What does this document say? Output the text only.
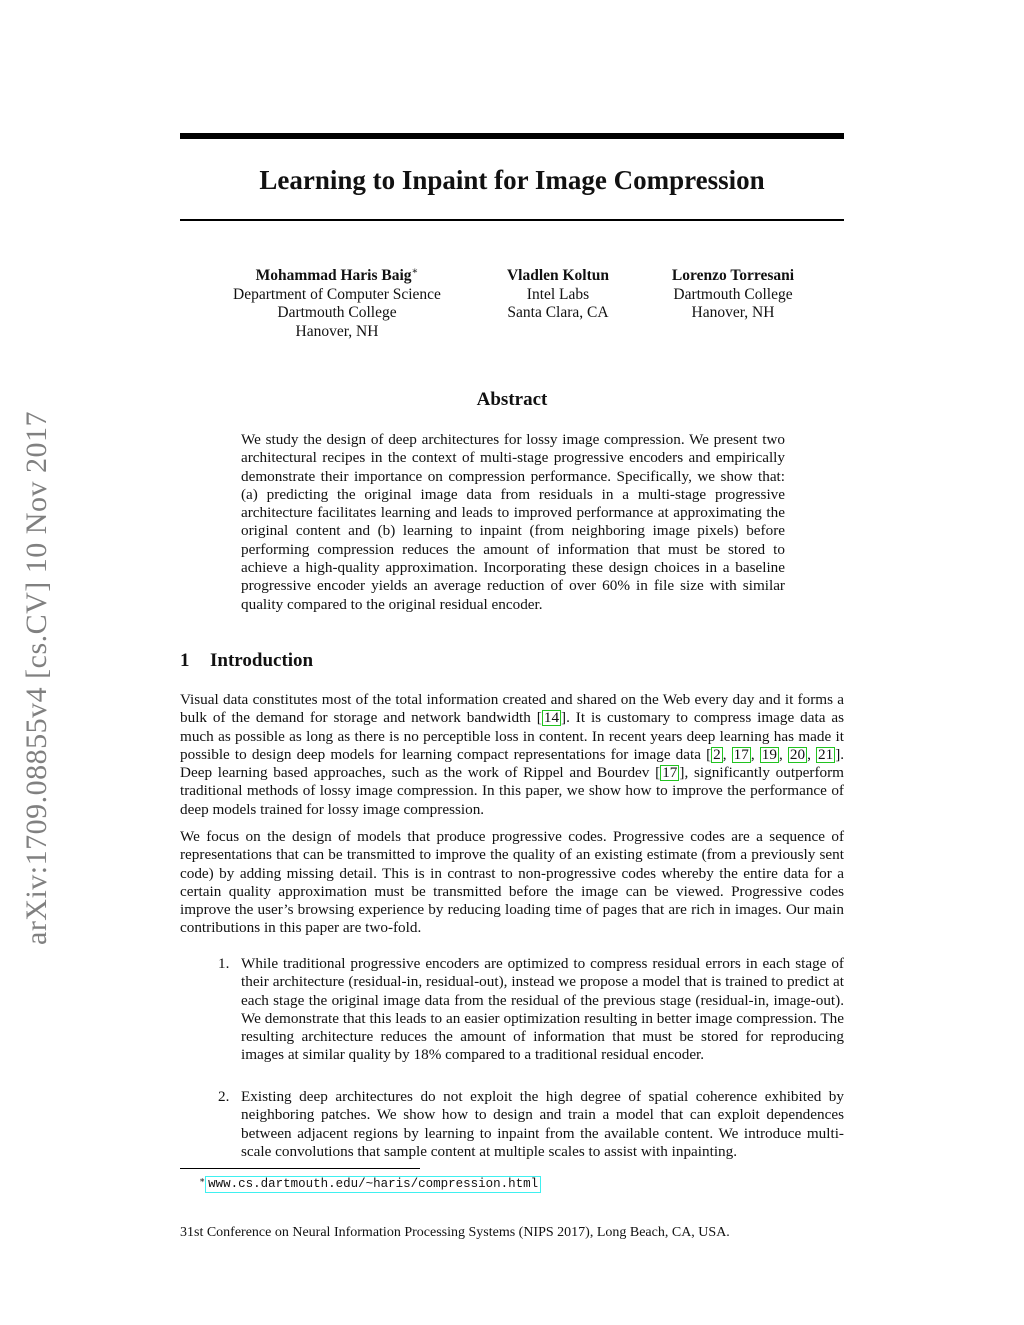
arXiv:1709.08855v4 [cs.CV] 10 Nov 2017
Learning to Inpaint for Image Compression
Mohammad Haris Baig∗
Department of Computer Science
Dartmouth College
Hanover, NH
Vladlen Koltun
Intel Labs
Santa Clara, CA
Lorenzo Torresani
Dartmouth College
Hanover, NH
Abstract

We study the design of deep architectures for lossy image compression. We present two architectural recipes in the context of multi-stage progressive encoders and empirically demonstrate their importance on compression performance. Specifically, we show that: (a) predicting the original image data from residuals in a multi-stage progressive architecture facilitates learning and leads to improved performance at approximating the original content and (b) learning to inpaint (from neighboring image pixels) before performing compression reduces the amount of information that must be stored to achieve a high-quality approximation. Incorporating these design choices in a baseline progressive encoder yields an average reduction of over 60% in file size with similar quality compared to the original residual encoder.

1 Introduction

Visual data constitutes most of the total information created and shared on the Web every day and it forms a bulk of the demand for storage and network bandwidth [ 14 ]. It is customary to compress image data as much as possible as long as there is no perceptible loss in content. In recent years deep learning has made it possible to design deep models for learning compact representations for image data [ 2 , 17 , 19 , 20 , 21 ]. Deep learning based approaches, such as the work of Rippel and Bourdev [ 17 ], significantly outperform traditional methods of lossy image compression. In this paper, we show how to improve the performance of deep models trained for lossy image compression.

We focus on the design of models that produce progressive codes. Progressive codes are a sequence of representations that can be transmitted to improve the quality of an existing estimate (from a previously sent code) by adding missing detail. This is in contrast to non-progressive codes whereby the entire data for a certain quality approximation must be transmitted before the image can be viewed. Progressive codes improve the user’s browsing experience by reducing loading time of pages that are rich in images. Our main contributions in this paper are two-fold.

1. While traditional progressive encoders are optimized to compress residual errors in each stage of their architecture (residual-in, residual-out), instead we propose a model that is trained to predict at each stage the original image data from the residual of the previous stage (residual-in, image-out). We demonstrate that this leads to an easier optimization resulting in better image compression. The resulting architecture reduces the amount of information that must be stored for reproducing images at similar quality by 18% compared to a traditional residual encoder.
2. Existing deep architectures do not exploit the high degree of spatial coherence exhibited by neighboring patches. We show how to design and train a model that can exploit dependences between adjacent regions by learning to inpaint from the available content. We introduce multi-scale convolutions that sample content at multiple scales to assist with inpainting.
∗ www.cs.dartmouth.edu/~haris/compression.html
31st Conference on Neural Information Processing Systems (NIPS 2017), Long Beach, CA, USA.
